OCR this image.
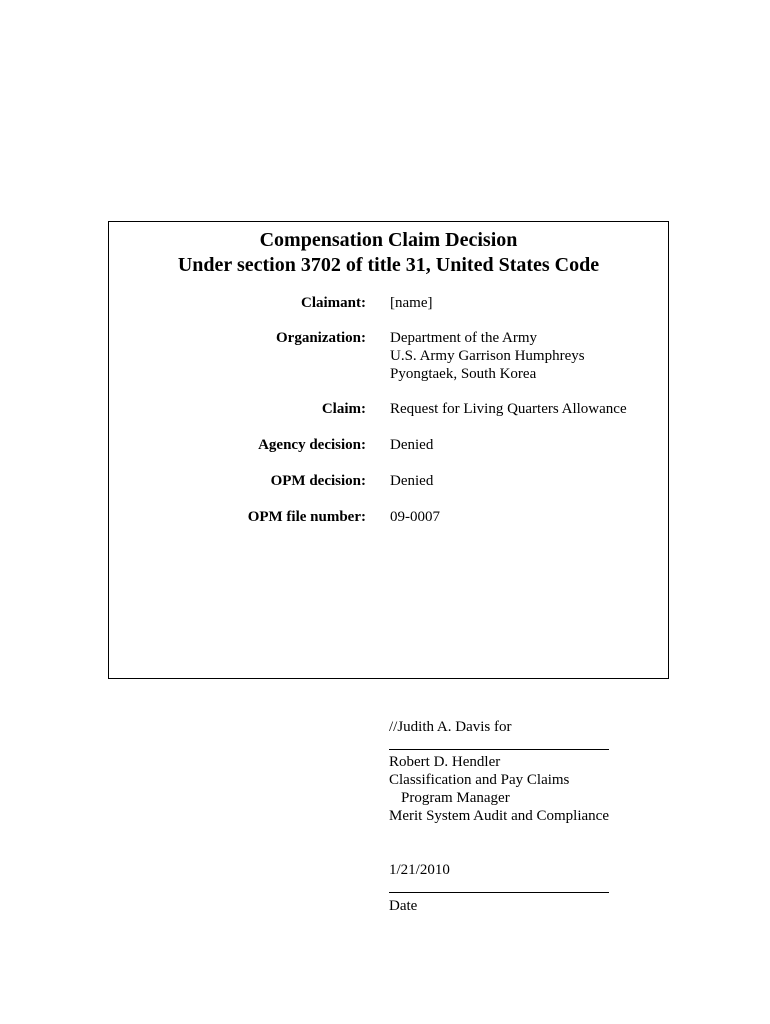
Compensation Claim Decision
Under section 3702 of title 31, United States Code
Claimant: [name]
Organization: Department of the Army
U.S. Army Garrison Humphreys
Pyongtaek, South Korea
Claim: Request for Living Quarters Allowance
Agency decision: Denied
OPM decision: Denied
OPM file number: 09-0007
//Judith A. Davis for
Robert D. Hendler
Classification and Pay Claims
Program Manager
Merit System Audit and Compliance
1/21/2010
Date
